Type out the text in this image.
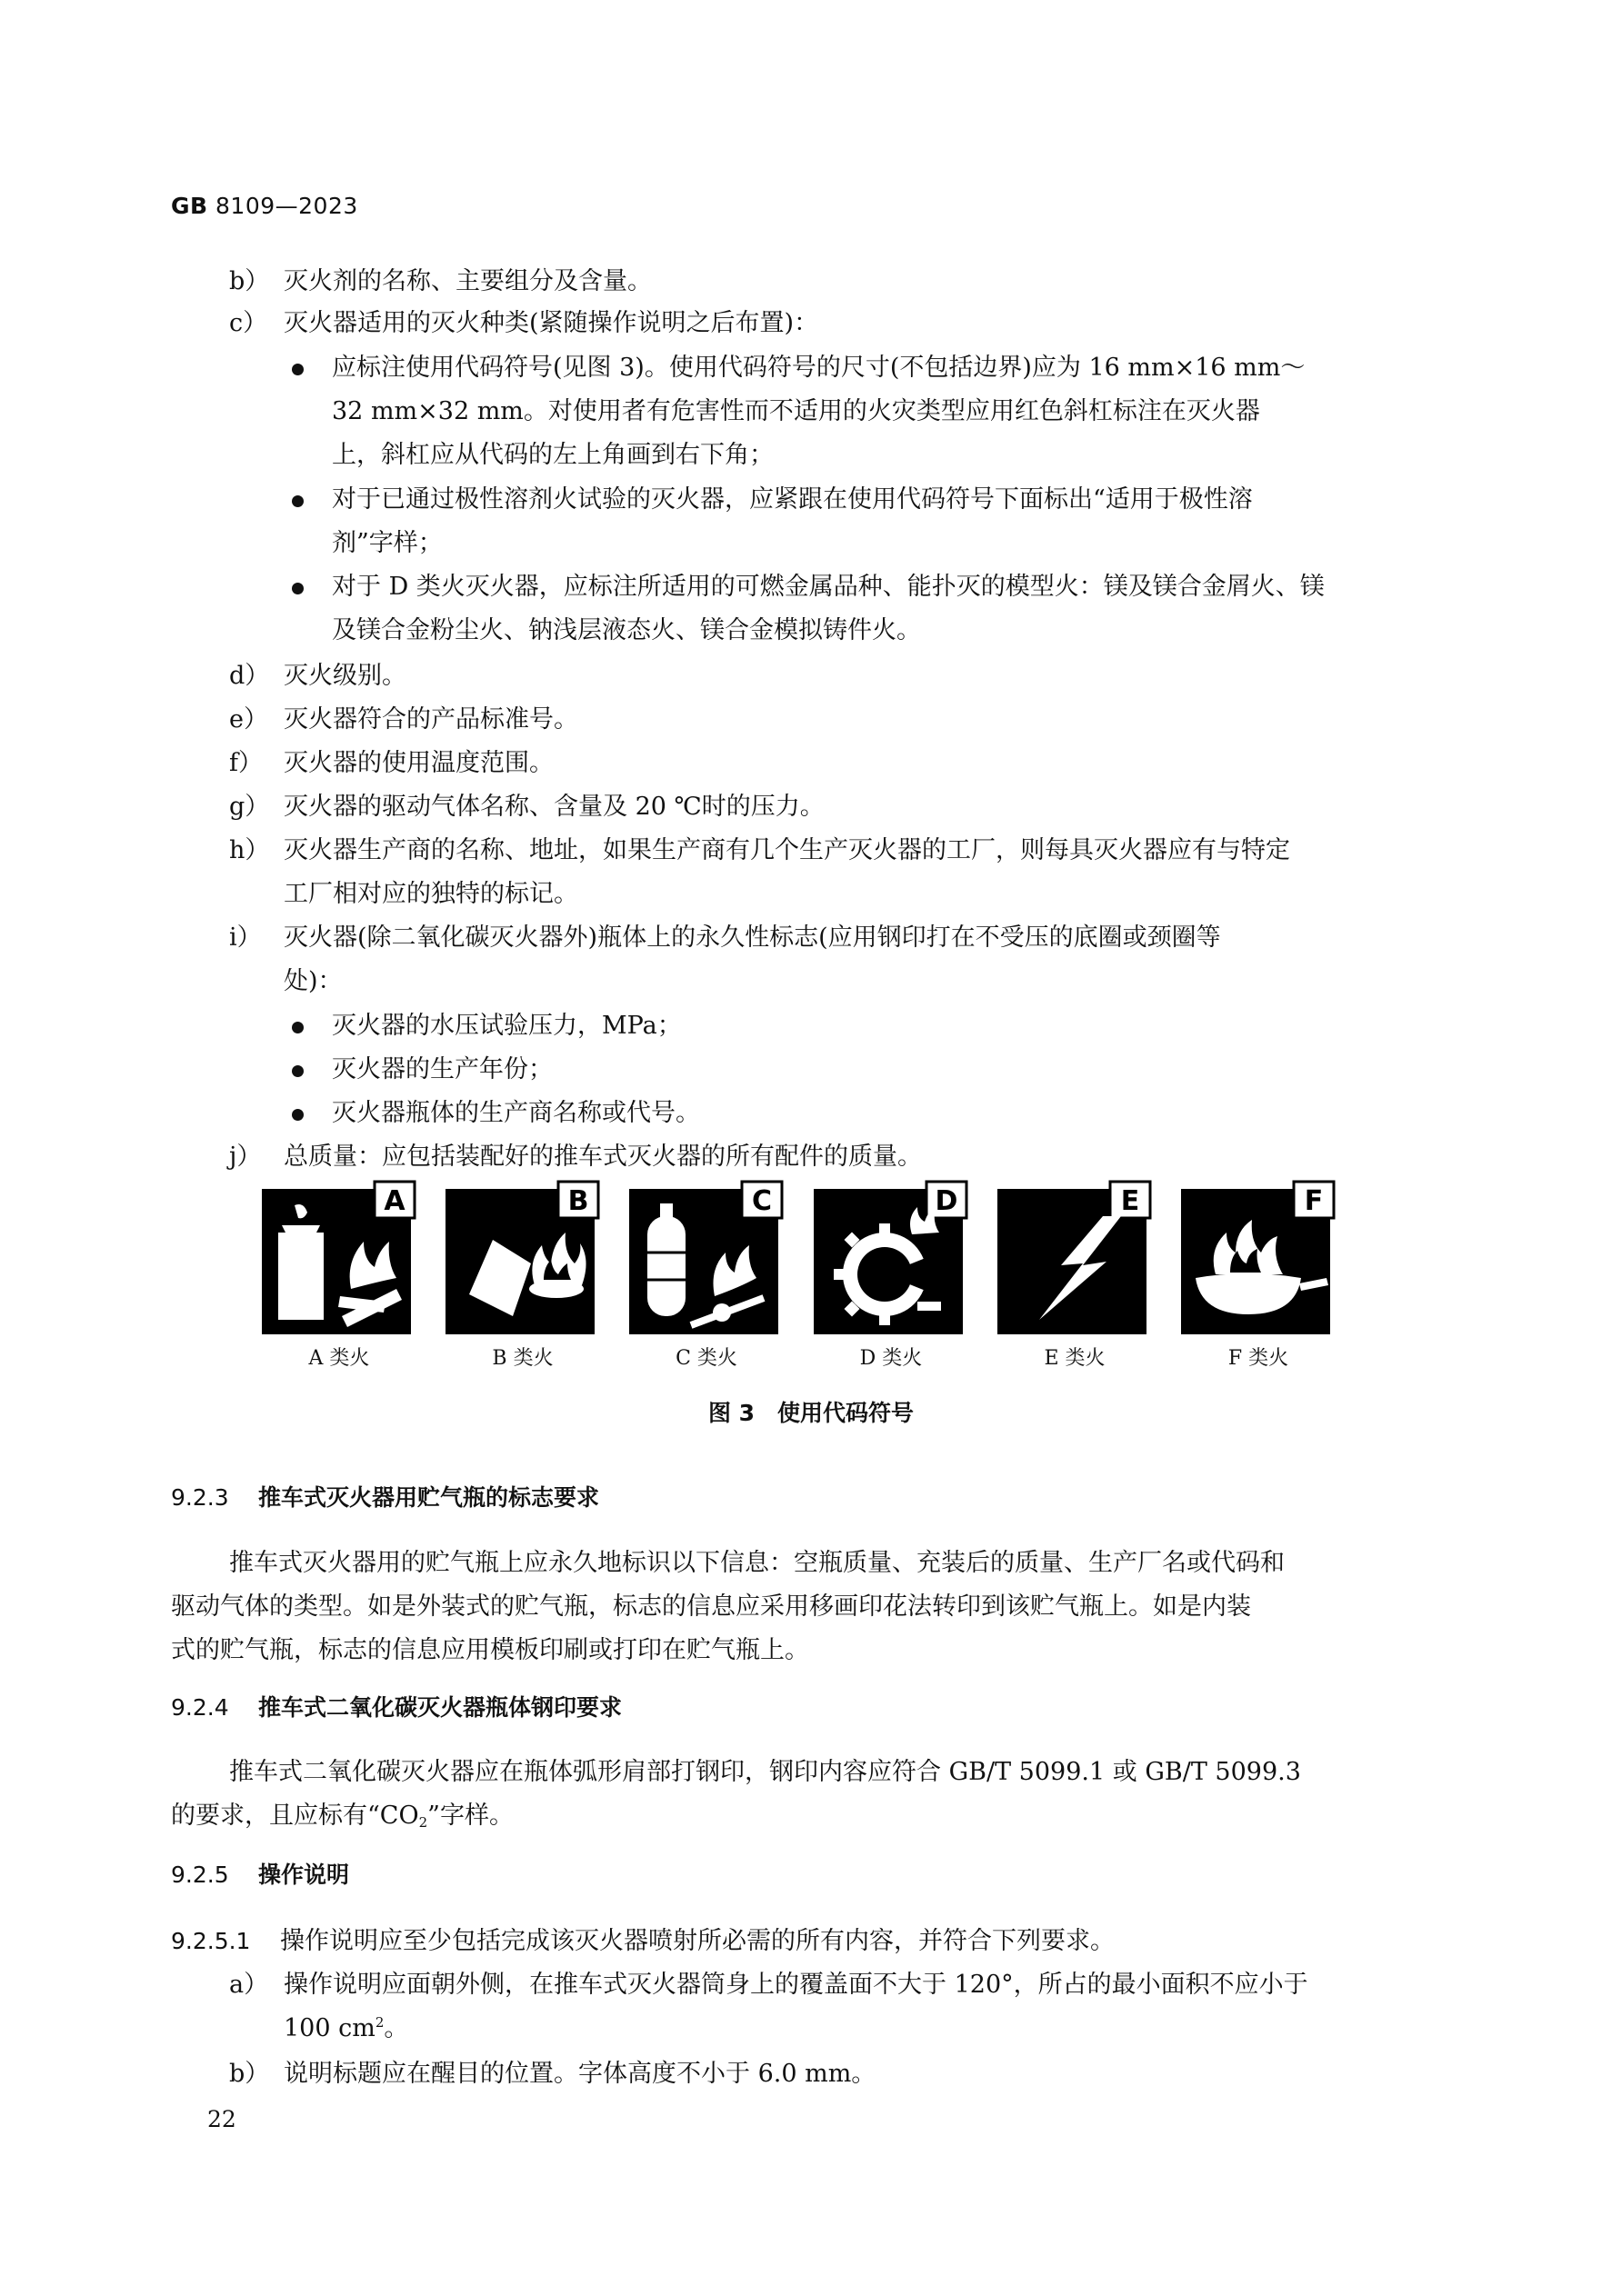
GB 8109—2023
b） 灭火剂的名称、主要组分及含量。
c） 灭火器适用的灭火种类(紧随操作说明之后布置)：
应标注使用代码符号(见图 3)。使用代码符号的尺寸(不包括边界)应为 16 mm×16 mm～
32 mm×32 mm。对使用者有危害性而不适用的火灾类型应用红色斜杠标注在灭火器
上，斜杠应从代码的左上角画到右下角；
对于已通过极性溶剂火试验的灭火器，应紧跟在使用代码符号下面标出“适用于极性溶
剂”字样；
对于 D 类火灭火器，应标注所适用的可燃金属品种、能扑灭的模型火：镁及镁合金屑火、镁
及镁合金粉尘火、钠浅层液态火、镁合金模拟铸件火。
d） 灭火级别。
e） 灭火器符合的产品标准号。
f） 灭火器的使用温度范围。
g） 灭火器的驱动气体名称、含量及 20 ℃时的压力。
h） 灭火器生产商的名称、地址，如果生产商有几个生产灭火器的工厂，则每具灭火器应有与特定
工厂相对应的独特的标记。
i） 灭火器(除二氧化碳灭火器外)瓶体上的永久性标志(应用钢印打在不受压的底圈或颈圈等
处)：
灭火器的水压试验压力，MPa；
灭火器的生产年份；
灭火器瓶体的生产商名称或代号。
j） 总质量：应包括装配好的推车式灭火器的所有配件的质量。
A	B	C	D	E	F
A 类火	B 类火	C 类火	D 类火	E 类火	F 类火
图 3　使用代码符号
9.2.3 推车式灭火器用贮气瓶的标志要求
推车式灭火器用的贮气瓶上应永久地标识以下信息：空瓶质量、充装后的质量、生产厂名或代码和
驱动气体的类型。如是外装式的贮气瓶，标志的信息应采用移画印花法转印到该贮气瓶上。如是内装
式的贮气瓶，标志的信息应用模板印刷或打印在贮气瓶上。
9.2.4 推车式二氧化碳灭火器瓶体钢印要求
推车式二氧化碳灭火器应在瓶体弧形肩部打钢印，钢印内容应符合 GB/T 5099.1 或 GB/T 5099.3
的要求，且应标有“$CO_2$”字样。
9.2.5 操作说明
9.2.5.1 操作说明应至少包括完成该灭火器喷射所必需的所有内容，并符合下列要求。
a） 操作说明应面朝外侧，在推车式灭火器筒身上的覆盖面不大于 120°，所占的最小面积不应小于
100 $cm^2$。
b） 说明标题应在醒目的位置。字体高度不小于 6.0 mm。
22
